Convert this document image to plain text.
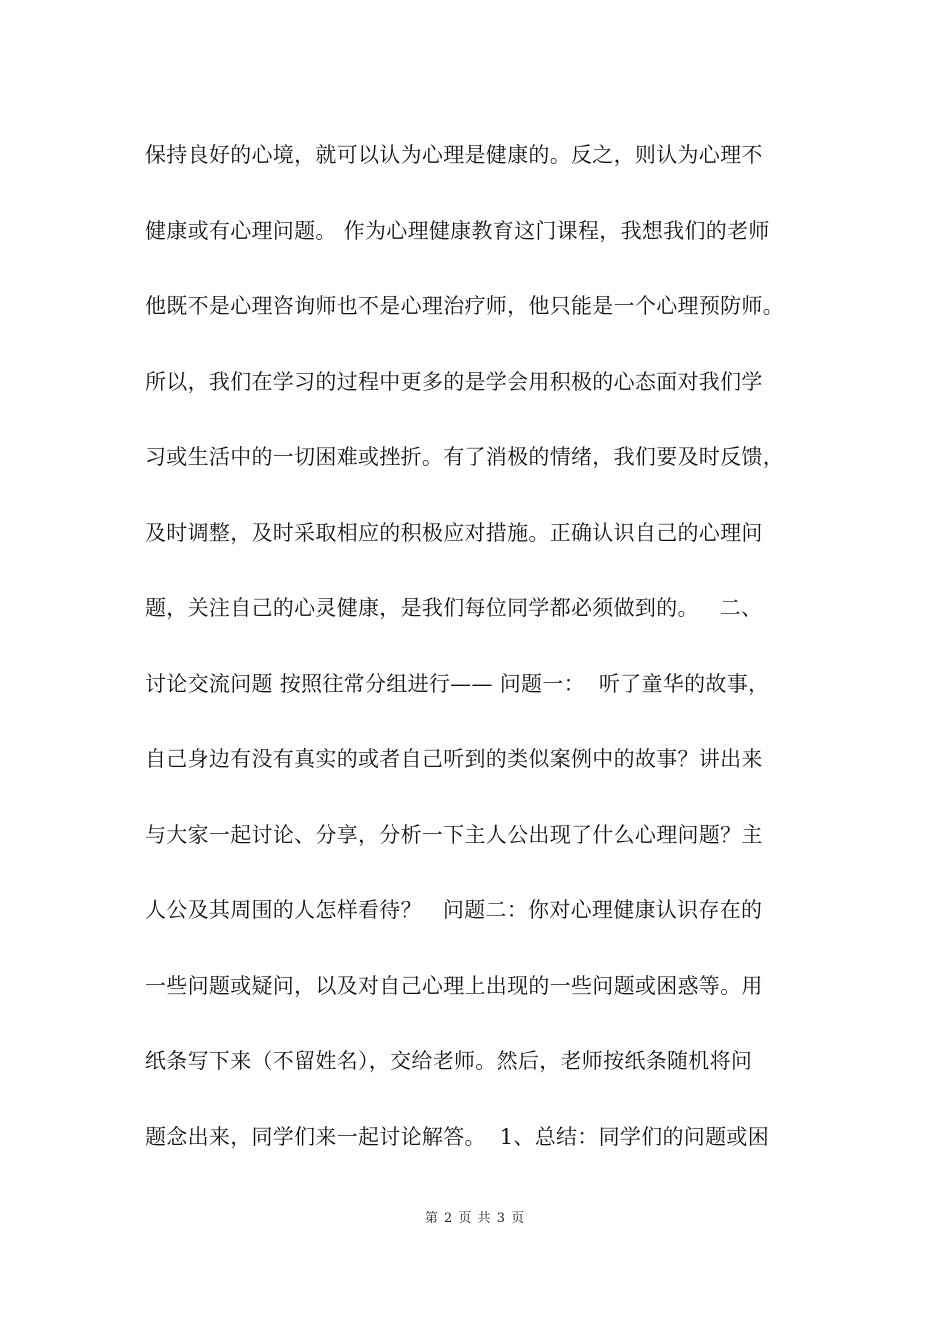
保持良好的心境，就可以认为心理是健康的。反之，则认为心理不
健康或有心理问题。 作为心理健康教育这门课程，我想我们的老师
他既不是心理咨询师也不是心理治疗师，他只能是一个心理预防师。
所以，我们在学习的过程中更多的是学会用积极的心态面对我们学
习或生活中的一切困难或挫折。有了消极的情绪，我们要及时反馈，
及时调整，及时采取相应的积极应对措施。正确认识自己的心理问
题，关注自己的心灵健康，是我们每位同学都必须做到的。   二、
讨论交流问题 按照往常分组进行—— 问题一：  听了童华的故事，
自己身边有没有真实的或者自己听到的类似案例中的故事？讲出来
与大家一起讨论、分享，分析一下主人公出现了什么心理问题？主
人公及其周围的人怎样看待？   问题二：你对心理健康认识存在的
一些问题或疑问，以及对自己心理上出现的一些问题或困惑等。用
纸条写下来（不留姓名），交给老师。然后，老师按纸条随机将问
题念出来，同学们来一起讨论解答。  1、总结：同学们的问题或困
第 2 页 共 3 页
